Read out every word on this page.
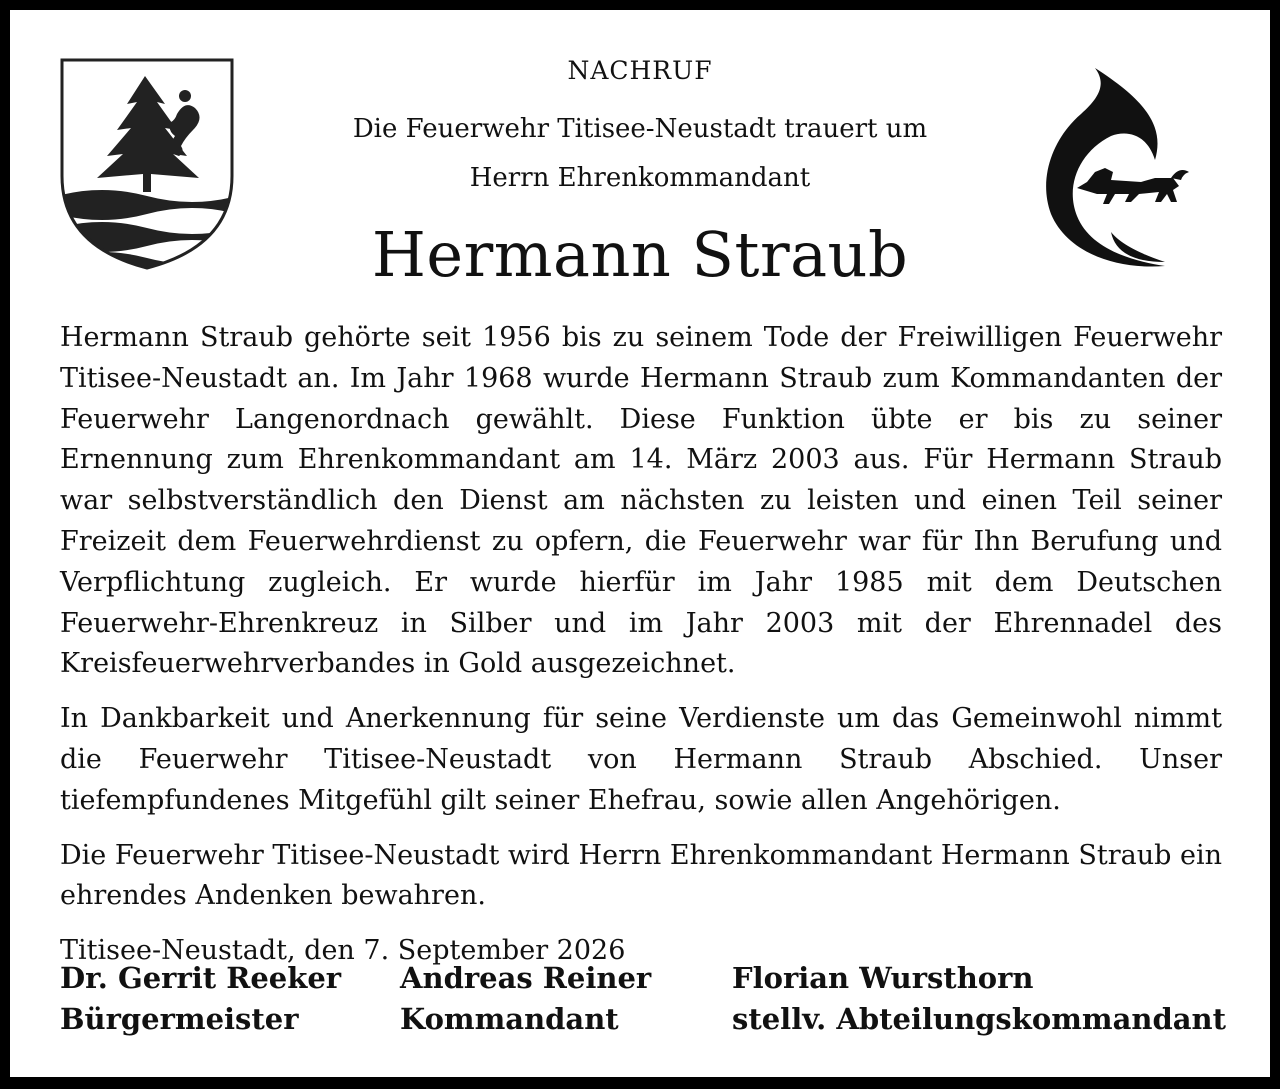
NACHRUF
Die Feuerwehr Titisee-Neustadt trauert um
Herrn Ehrenkommandant
Hermann Straub

Hermann Straub gehörte seit 1956 bis zu seinem Tode der Freiwilligen Feuerwehr Titisee-Neustadt an. Im Jahr 1968 wurde Hermann Straub zum Kommandanten der Feuerwehr Langenordnach gewählt. Diese Funktion übte er bis zu seiner Ernennung zum Ehrenkommandant am 14. März 2003 aus. Für Hermann Straub war selbstverständlich den Dienst am nächsten zu leisten und einen Teil seiner Freizeit dem Feuerwehrdienst zu opfern, die Feuerwehr war für Ihn Berufung und Verpflichtung zugleich. Er wurde hierfür im Jahr 1985 mit dem Deutschen Feuerwehr-Ehrenkreuz in Silber und im Jahr 2003 mit der Ehrennadel des Kreisfeuerwehrverbandes in Gold ausgezeichnet.

In Dankbarkeit und Anerkennung für seine Verdienste um das Gemeinwohl nimmt die Feuerwehr Titisee-Neustadt von Hermann Straub Abschied. Unser tiefempfundenes Mitgefühl gilt seiner Ehefrau, sowie allen Angehörigen.

Die Feuerwehr Titisee-Neustadt wird Herrn Ehrenkommandant Hermann Straub ein ehrendes Andenken bewahren.

Titisee-Neustadt, den 7. September 2026

Dr. Gerrit Reeker
Bürgermeister
Andreas Reiner
Kommandant
Florian Wursthorn
stellv. Abteilungskommandant
